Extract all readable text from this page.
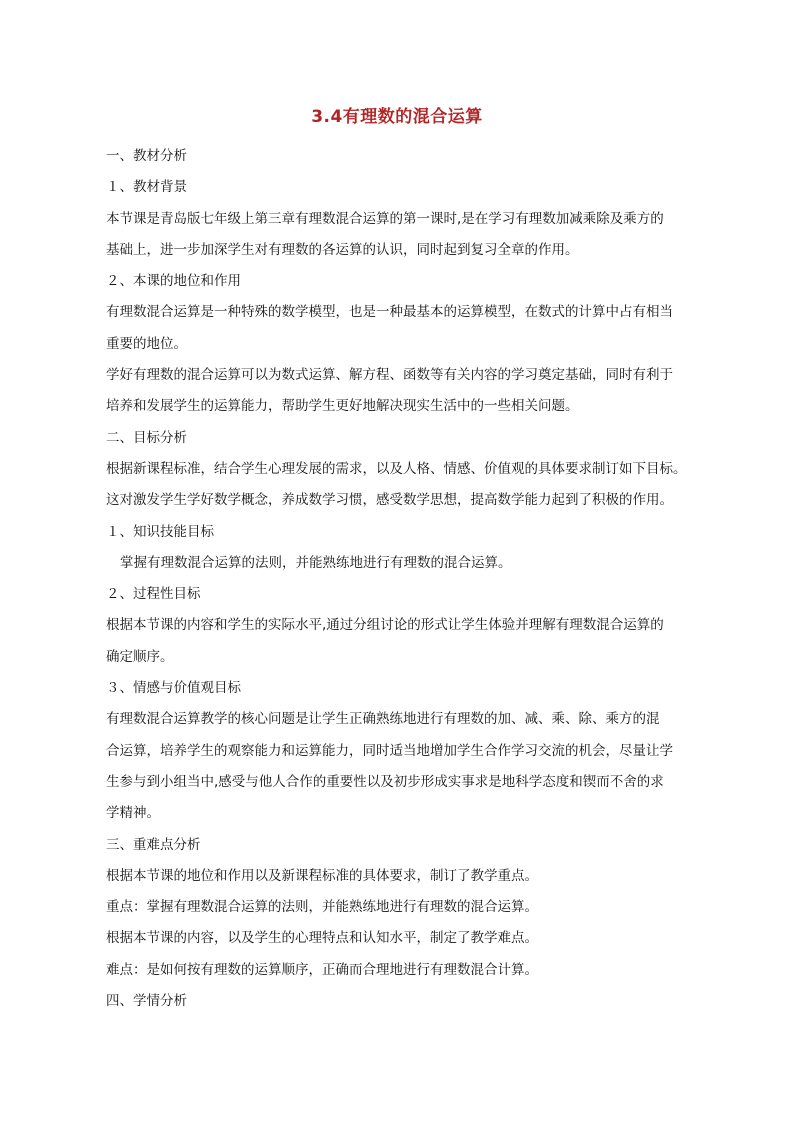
3.4有理数的混合运算
一、教材分析
１、教材背景
本节课是青岛版七年级上第三章有理数混合运算的第一课时,是在学习有理数加减乘除及乘方的
基础上，进一步加深学生对有理数的各运算的认识，同时起到复习全章的作用。
２、本课的地位和作用
有理数混合运算是一种特殊的数学模型，也是一种最基本的运算模型，在数式的计算中占有相当
重要的地位。
学好有理数的混合运算可以为数式运算、解方程、函数等有关内容的学习奠定基础，同时有利于
培养和发展学生的运算能力，帮助学生更好地解决现实生活中的一些相关问题。
二、目标分析
根据新课程标准，结合学生心理发展的需求，以及人格、情感、价值观的具体要求制订如下目标。
这对激发学生学好数学概念，养成数学习惯，感受数学思想，提高数学能力起到了积极的作用。
１、知识技能目标
掌握有理数混合运算的法则，并能熟练地进行有理数的混合运算。
２、过程性目标
根据本节课的内容和学生的实际水平,通过分组讨论的形式让学生体验并理解有理数混合运算的
确定顺序。
３、情感与价值观目标
有理数混合运算教学的核心问题是让学生正确熟练地进行有理数的加、减、乘、除、乘方的混
合运算，培养学生的观察能力和运算能力，同时适当地增加学生合作学习交流的机会，尽量让学
生参与到小组当中,感受与他人合作的重要性以及初步形成实事求是地科学态度和锲而不舍的求
学精神。
三、重难点分析
根据本节课的地位和作用以及新课程标准的具体要求，制订了教学重点。
重点：掌握有理数混合运算的法则，并能熟练地进行有理数的混合运算。
根据本节课的内容，以及学生的心理特点和认知水平，制定了教学难点。
难点：是如何按有理数的运算顺序，正确而合理地进行有理数混合计算。
四、学情分析
